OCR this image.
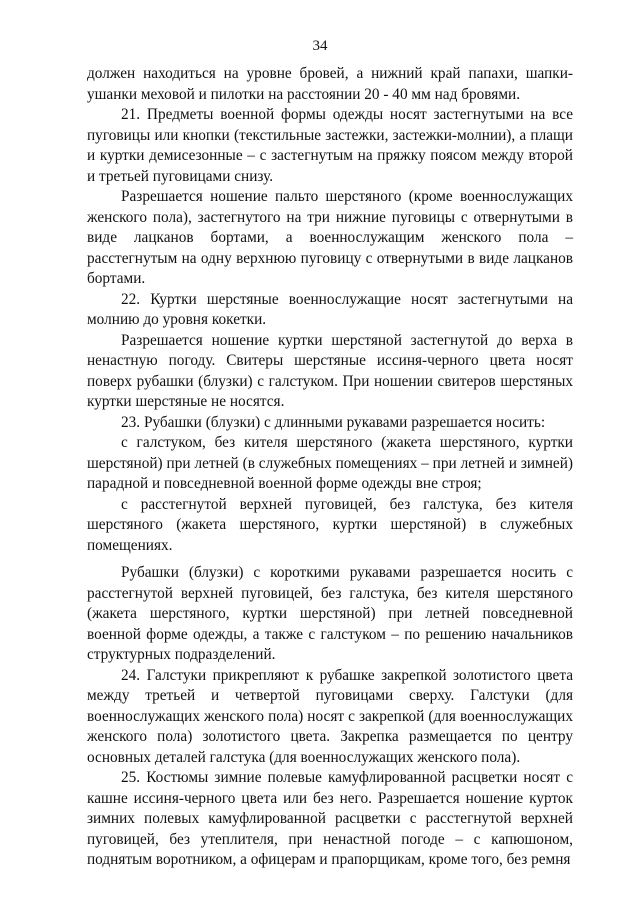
34

должен находиться на уровне бровей, а нижний край папахи, шапки-ушанки меховой и пилотки на расстоянии 20 - 40 мм над бровями.

21. Предметы военной формы одежды носят застегнутыми на все пуговицы или кнопки (текстильные застежки, застежки-молнии), а плащи и куртки демисезонные – с застегнутым на пряжку поясом между второй и третьей пуговицами снизу.

Разрешается ношение пальто шерстяного (кроме военнослужащих женского пола), застегнутого на три нижние пуговицы с отвернутыми в виде лацканов бортами, а военнослужащим женского пола – расстегнутым на одну верхнюю пуговицу с отвернутыми в виде лацканов бортами.

22. Куртки шерстяные военнослужащие носят застегнутыми на молнию до уровня кокетки.

Разрешается ношение куртки шерстяной застегнутой до верха в ненастную погоду. Свитеры шерстяные иссиня-черного цвета носят поверх рубашки (блузки) с галстуком. При ношении свитеров шерстяных куртки шерстяные не носятся.

23. Рубашки (блузки) с длинными рукавами разрешается носить:

с галстуком, без кителя шерстяного (жакета шерстяного, куртки шерстяной) при летней (в служебных помещениях – при летней и зимней) парадной и повседневной военной форме одежды вне строя;

с расстегнутой верхней пуговицей, без галстука, без кителя шерстяного (жакета шерстяного, куртки шерстяной) в служебных помещениях.

Рубашки (блузки) с короткими рукавами разрешается носить с расстегнутой верхней пуговицей, без галстука, без кителя шерстяного (жакета шерстяного, куртки шерстяной) при летней повседневной военной форме одежды, а также с галстуком – по решению начальников структурных подразделений.

24. Галстуки прикрепляют к рубашке закрепкой золотистого цвета между третьей и четвертой пуговицами сверху. Галстуки (для военнослужащих женского пола) носят с закрепкой (для военнослужащих женского пола) золотистого цвета. Закрепка размещается по центру основных деталей галстука (для военнослужащих женского пола).

25. Костюмы зимние полевые камуфлированной расцветки носят с кашне иссиня-черного цвета или без него. Разрешается ношение курток зимних полевых камуфлированной расцветки с расстегнутой верхней пуговицей, без утеплителя, при ненастной погоде – с капюшоном, поднятым воротником, а офицерам и прапорщикам, кроме того, без ремня
